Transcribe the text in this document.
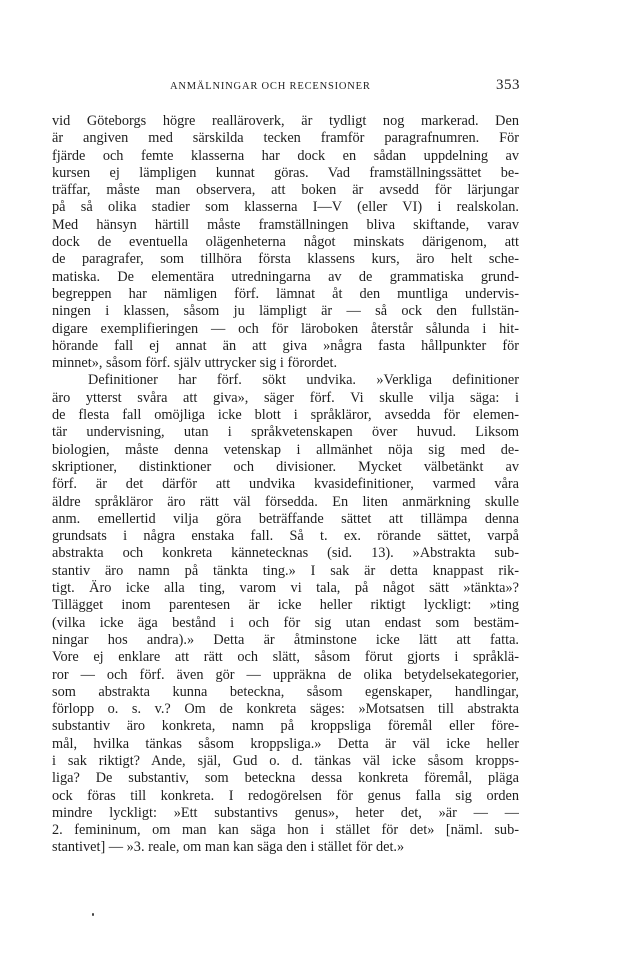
ANMÄLNINGAR OCH RECENSIONER	353
vid Göteborgs högre realläroverk, är tydligt nog markerad. Den
är angiven med särskilda tecken framför paragrafnumren. För
fjärde och femte klasserna har dock en sådan uppdelning av
kursen ej lämpligen kunnat göras. Vad framställningssättet be-
träffar, måste man observera, att boken är avsedd för lärjungar
på så olika stadier som klasserna I—V (eller VI) i realskolan.
Med hänsyn härtill måste framställningen bliva skiftande, varav
dock de eventuella olägenheterna något minskats därigenom, att
de paragrafer, som tillhöra första klassens kurs, äro helt sche-
matiska. De elementära utredningarna av de grammatiska grund-
begreppen har nämligen förf. lämnat åt den muntliga undervis-
ningen i klassen, såsom ju lämpligt är — så ock den fullstän-
digare exemplifieringen — och för läroboken återstår sålunda i hit-
hörande fall ej annat än att giva »några fasta hållpunkter för
minnet», såsom förf. själv uttrycker sig i förordet.
Definitioner har förf. sökt undvika. »Verkliga definitioner
äro ytterst svåra att giva», säger förf. Vi skulle vilja säga: i
de flesta fall omöjliga icke blott i språkläror, avsedda för elemen-
tär undervisning, utan i språkvetenskapen över huvud. Liksom
biologien, måste denna vetenskap i allmänhet nöja sig med de-
skriptioner, distinktioner och divisioner. Mycket välbetänkt av
förf. är det därför att undvika kvasidefinitioner, varmed våra
äldre språkläror äro rätt väl försedda. En liten anmärkning skulle
anm. emellertid vilja göra beträffande sättet att tillämpa denna
grundsats i några enstaka fall. Så t. ex. rörande sättet, varpå
abstrakta och konkreta kännetecknas (sid. 13). »Abstrakta sub-
stantiv äro namn på tänkta ting.» I sak är detta knappast rik-
tigt. Äro icke alla ting, varom vi tala, på något sätt »tänkta»?
Tillägget inom parentesen är icke heller riktigt lyckligt: »ting
(vilka icke äga bestånd i och för sig utan endast som bestäm-
ningar hos andra).» Detta är åtminstone icke lätt att fatta.
Vore ej enklare att rätt och slätt, såsom förut gjorts i språklä-
ror — och förf. även gör — uppräkna de olika betydelsekategorier,
som abstrakta kunna beteckna, såsom egenskaper, handlingar,
förlopp o. s. v.? Om de konkreta säges: »Motsatsen till abstrakta
substantiv äro konkreta, namn på kroppsliga föremål eller före-
mål, hvilka tänkas såsom kroppsliga.» Detta är väl icke heller
i sak riktigt? Ande, själ, Gud o. d. tänkas väl icke såsom kropps-
liga? De substantiv, som beteckna dessa konkreta föremål, pläga
ock föras till konkreta. I redogörelsen för genus falla sig orden
mindre lyckligt: »Ett substantivs genus», heter det, »är — —
2. femininum, om man kan säga hon i stället för det» [näml. sub-
stantivet] — »3. reale, om man kan säga den i stället för det.»
